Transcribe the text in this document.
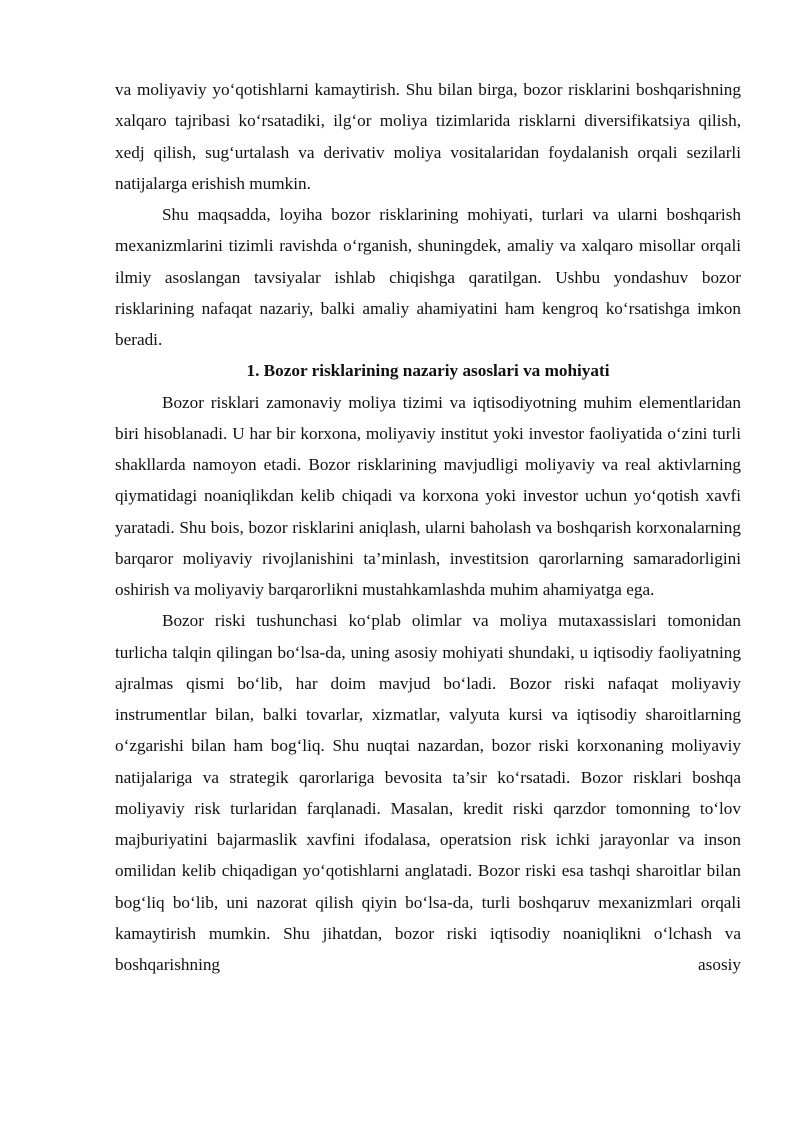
va moliyaviy yo‘qotishlarni kamaytirish. Shu bilan birga, bozor risklarini boshqarishning xalqaro tajribasi ko‘rsatadiki, ilg‘or moliya tizimlarida risklarni diversifikatsiya qilish, xedj qilish, sug‘urtalash va derivativ moliya vositalaridan foydalanish orqali sezilarli natijalarga erishish mumkin.

Shu maqsadda, loyiha bozor risklarining mohiyati, turlari va ularni boshqarish mexanizmlarini tizimli ravishda o‘rganish, shuningdek, amaliy va xalqaro misollar orqali ilmiy asoslangan tavsiyalar ishlab chiqishga qaratilgan. Ushbu yondashuv bozor risklarining nafaqat nazariy, balki amaliy ahamiyatini ham kengroq ko‘rsatishga imkon beradi.

1. Bozor risklarining nazariy asoslari va mohiyati

Bozor risklari zamonaviy moliya tizimi va iqtisodiyotning muhim elementlaridan biri hisoblanadi. U har bir korxona, moliyaviy institut yoki investor faoliyatida o‘zini turli shakllarda namoyon etadi. Bozor risklarining mavjudligi moliyaviy va real aktivlarning qiymatidagi noaniqlikdan kelib chiqadi va korxona yoki investor uchun yo‘qotish xavfi yaratadi. Shu bois, bozor risklarini aniqlash, ularni baholash va boshqarish korxonalarning barqaror moliyaviy rivojlanishini ta’minlash, investitsion qarorlarning samaradorligini oshirish va moliyaviy barqarorlikni mustahkamlashda muhim ahamiyatga ega.

Bozor riski tushunchasi ko‘plab olimlar va moliya mutaxassislari tomonidan turlicha talqin qilingan bo‘lsa-da, uning asosiy mohiyati shundaki, u iqtisodiy faoliyatning ajralmas qismi bo‘lib, har doim mavjud bo‘ladi. Bozor riski nafaqat moliyaviy instrumentlar bilan, balki tovarlar, xizmatlar, valyuta kursi va iqtisodiy sharoitlarning o‘zgarishi bilan ham bog‘liq. Shu nuqtai nazardan, bozor riski korxonaning moliyaviy natijalariga va strategik qarorlariga bevosita ta’sir ko‘rsatadi. Bozor risklari boshqa moliyaviy risk turlaridan farqlanadi. Masalan, kredit riski qarzdor tomonning to‘lov majburiyatini bajarmaslik xavfini ifodalasa, operatsion risk ichki jarayonlar va inson omilidan kelib chiqadigan yo‘qotishlarni anglatadi. Bozor riski esa tashqi sharoitlar bilan bog‘liq bo‘lib, uni nazorat qilish qiyin bo‘lsa-da, turli boshqaruv mexanizmlari orqali kamaytirish mumkin. Shu jihatdan, bozor riski iqtisodiy noaniqlikni o‘lchash va boshqarishning asosiy
